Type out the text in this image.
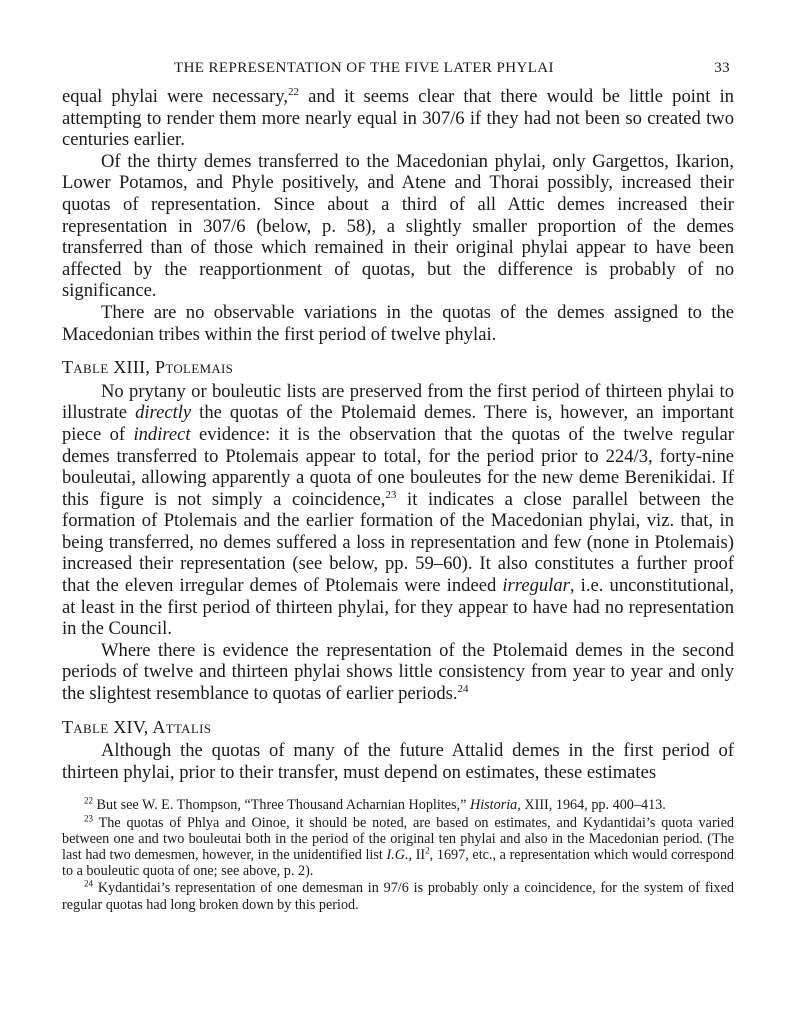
THE REPRESENTATION OF THE FIVE LATER PHYLAI	33

equal phylai were necessary,$^{22}$ and it seems clear that there would be little point in attempting to render them more nearly equal in 307/6 if they had not been so created two centuries earlier.

Of the thirty demes transferred to the Macedonian phylai, only Gargettos, Ikarion, Lower Potamos, and Phyle positively, and Atene and Thorai possibly, increased their quotas of representation. Since about a third of all Attic demes increased their representation in 307/6 (below, p. 58), a slightly smaller proportion of the demes transferred than of those which remained in their original phylai appear to have been affected by the reapportionment of quotas, but the difference is probably of no significance.

There are no observable variations in the quotas of the demes assigned to the Macedonian tribes within the first period of twelve phylai.

Table XIII, Ptolemais

No prytany or bouleutic lists are preserved from the first period of thirteen phylai to illustrate directly the quotas of the Ptolemaid demes. There is, however, an important piece of indirect evidence: it is the observation that the quotas of the twelve regular demes transferred to Ptolemais appear to total, for the period prior to 224/3, forty-nine bouleutai, allowing apparently a quota of one bouleutes for the new deme Berenikidai. If this figure is not simply a coincidence,$^{23}$ it indicates a close parallel between the formation of Ptolemais and the earlier formation of the Macedonian phylai, viz. that, in being transferred, no demes suffered a loss in representation and few (none in Ptolemais) increased their representation (see below, pp. 59–60). It also constitutes a further proof that the eleven irregular demes of Ptolemais were indeed irregular, i.e. unconstitutional, at least in the first period of thirteen phylai, for they appear to have had no representation in the Council.

Where there is evidence the representation of the Ptolemaid demes in the second periods of twelve and thirteen phylai shows little consistency from year to year and only the slightest resemblance to quotas of earlier periods.$^{24}$

Table XIV, Attalis

Although the quotas of many of the future Attalid demes in the first period of thirteen phylai, prior to their transfer, must depend on estimates, these estimates

$^{22}$ But see W. E. Thompson, “Three Thousand Acharnian Hoplites,” Historia, XIII, 1964, pp. 400–413.

$^{23}$ The quotas of Phlya and Oinoe, it should be noted, are based on estimates, and Kydantidai’s quota varied between one and two bouleutai both in the period of the original ten phylai and also in the Macedonian period. (The last had two demesmen, however, in the unidentified list I.G., $II^2$, 1697, etc., a representation which would correspond to a bouleutic quota of one; see above, p. 2).

$^{24}$ Kydantidai’s representation of one demesman in 97/6 is probably only a coincidence, for the system of fixed regular quotas had long broken down by this period.
